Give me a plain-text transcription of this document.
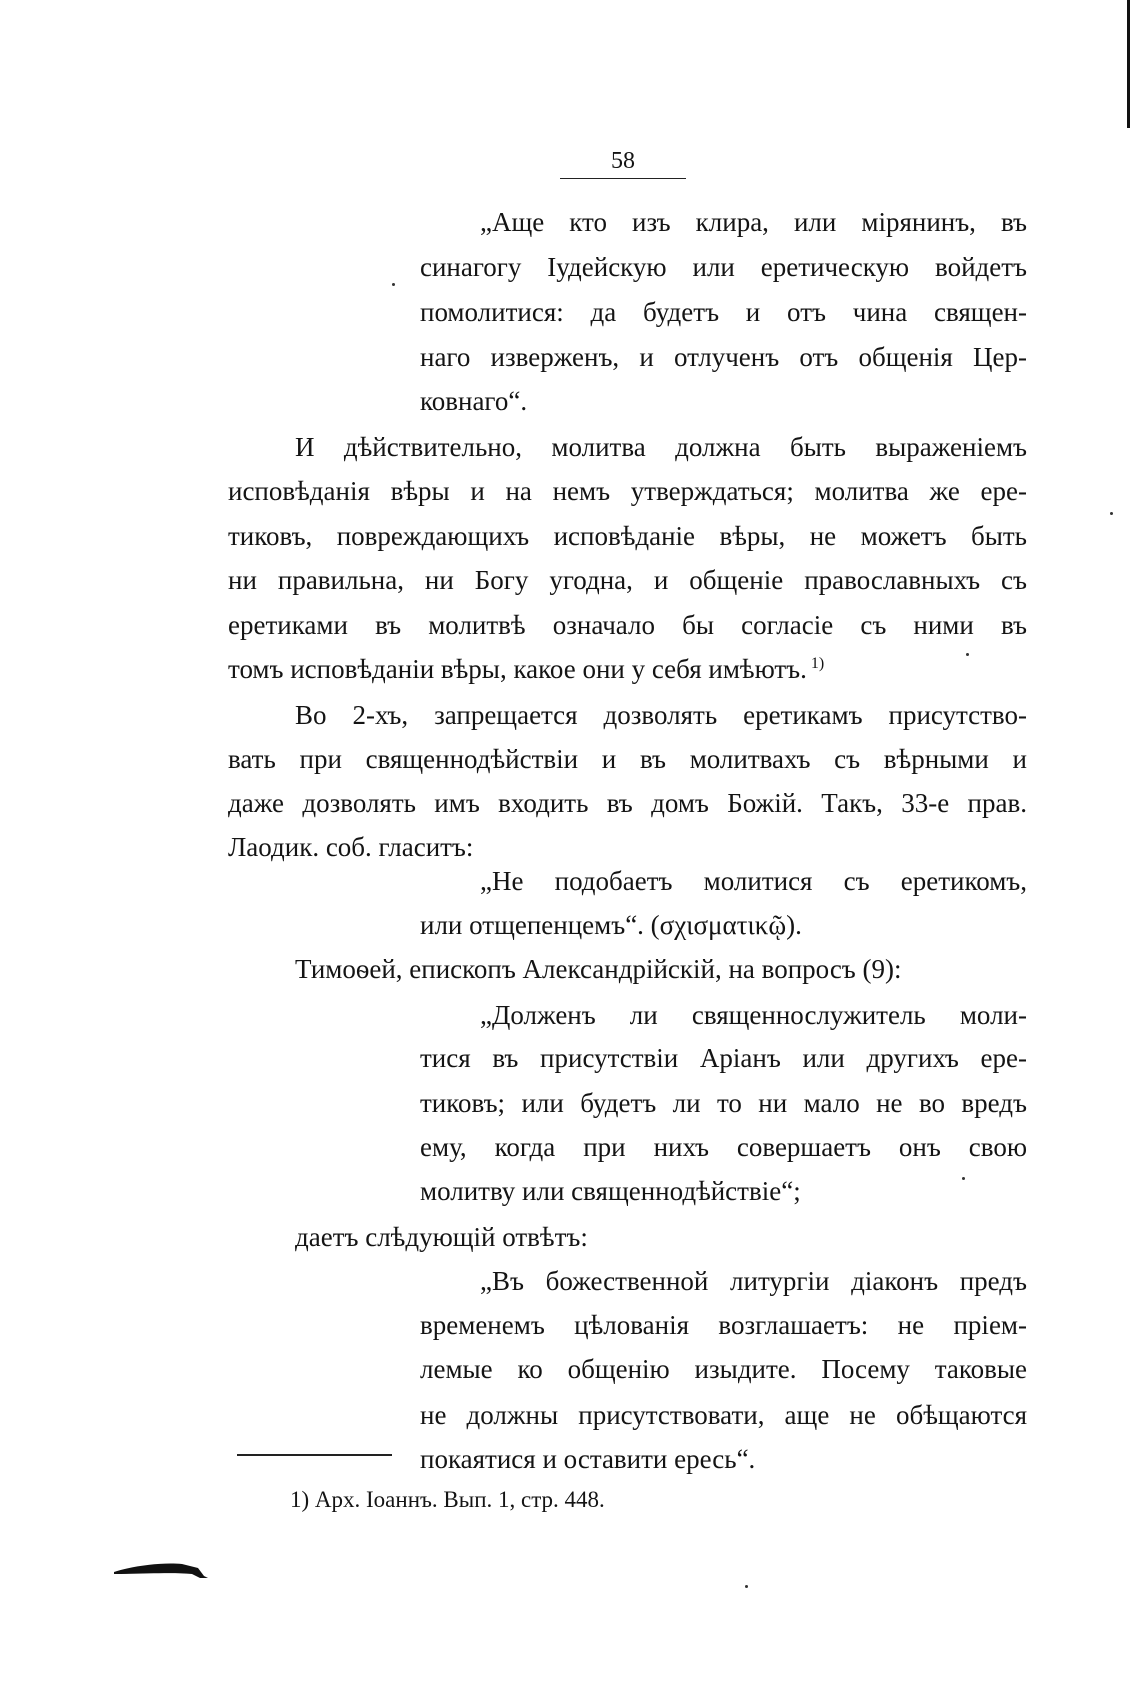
58
„Аще кто изъ клира, или мірянинъ, въ
синагогу Іудейскую или еретическую войдетъ
помолитися: да будетъ и отъ чина священ-
наго изверженъ, и отлученъ отъ общенія Цер-
ковнаго“.
И дѣйствительно, молитва должна быть выраженіемъ
исповѣданія вѣры и на немъ утверждаться; молитва же ере-
тиковъ, повреждающихъ исповѣданіе вѣры, не можетъ быть
ни правильна, ни Богу угодна, и общеніе православныхъ съ
еретиками въ молитвѣ означало бы согласіе съ ними въ
томъ исповѣданіи вѣры, какое они у себя имѣютъ. $^{1)}$
Во 2-хъ, запрещается дозволять еретикамъ присутство-
вать при священнодѣйствіи и въ молитвахъ съ вѣрными и
даже дозволять имъ входить въ домъ Божій. Такъ, 33-е прав.
Лаодик. соб. гласитъ:
„Не подобаетъ молитися съ еретикомъ,
или отщепенцемъ“. (σχισματικῷ).
Тимоѳей, епископъ Александрійскій, на вопросъ (9):
„Долженъ ли священнослужитель моли-
тися въ присутствіи Аріанъ или другихъ ере-
тиковъ; или будетъ ли то ни мало не во вредъ
ему, когда при нихъ совершаетъ онъ свою
молитву или священнодѣйствіе“;
даетъ слѣдующій отвѣтъ:
„Въ божественной литургіи діаконъ предъ
временемъ цѣлованія возглашаетъ: не пріем-
лемые ко общенію изыдите. Посему таковые
не должны присутствовати, аще не обѣщаются
покаятися и оставити ересь“.
1) Арх. Іоаннъ. Вып. 1, стр. 448.
